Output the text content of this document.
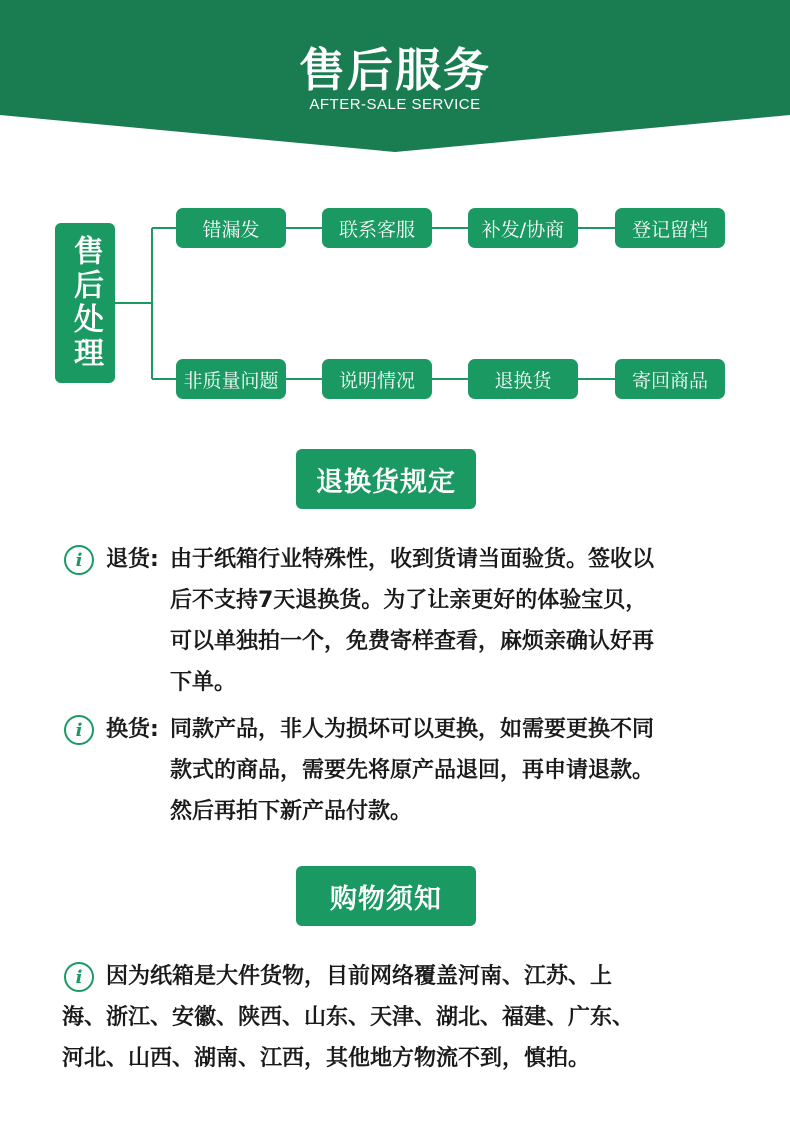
售后服务
AFTER-SALE SERVICE
售后处理
错漏发	联系客服	补发/协商	登记留档
非质量问题	说明情况	退换货	寄回商品
退换货规定
i	退货: 由于纸箱行业特殊性，收到货请当面验货。签收以
后不支持7天退换货。为了让亲更好的体验宝贝，
可以单独拍一个，免费寄样查看，麻烦亲确认好再
下单。
i	换货: 同款产品，非人为损坏可以更换，如需要更换不同
款式的商品，需要先将原产品退回，再申请退款。
然后再拍下新产品付款。
购物须知
i	因为纸箱是大件货物，目前网络覆盖河南、江苏、上
海、浙江、安徽、陕西、山东、天津、湖北、福建、广东、
河北、山西、湖南、江西，其他地方物流不到，慎拍。
